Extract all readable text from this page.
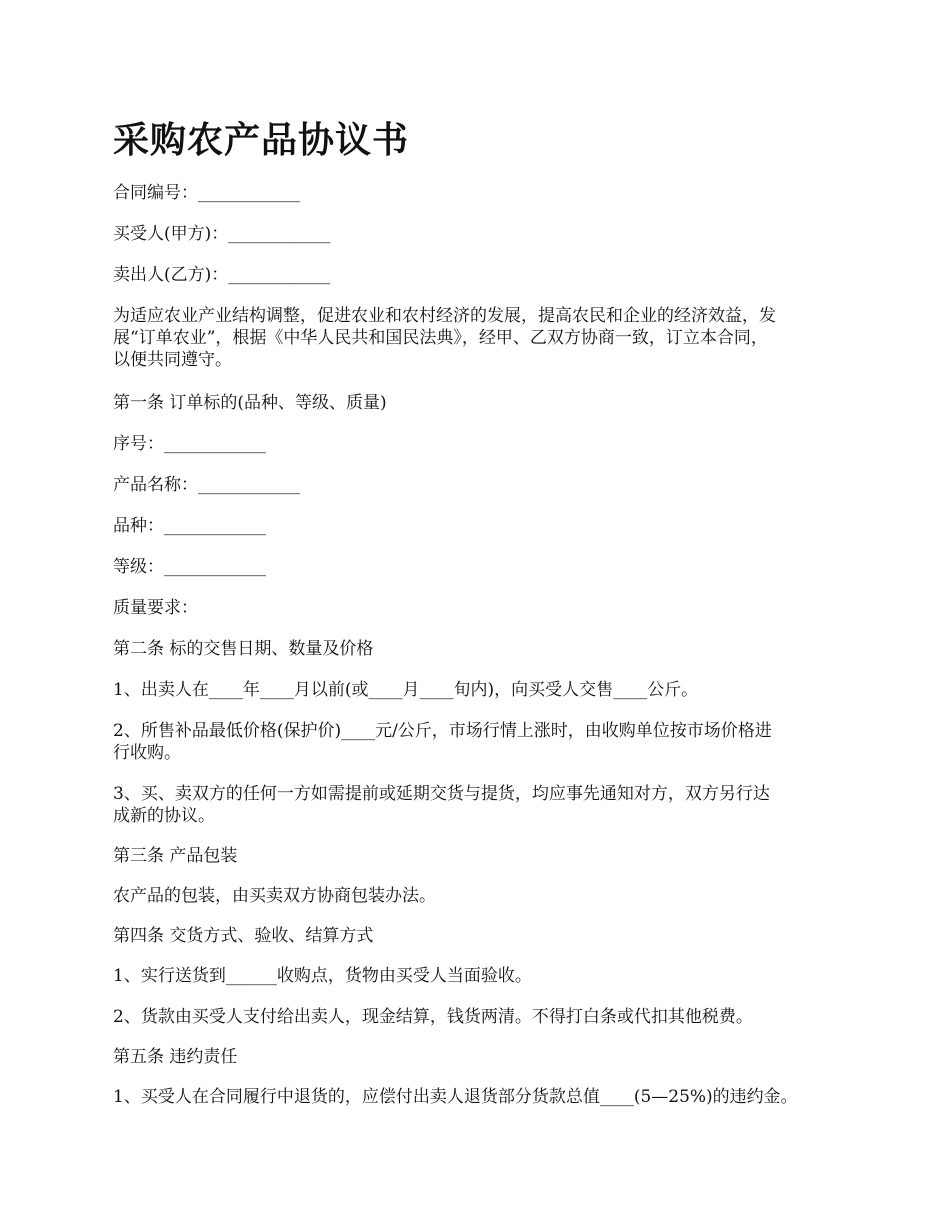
采购农产品协议书

合同编号：____________

买受人(甲方)：____________

卖出人(乙方)：____________

为适应农业产业结构调整，促进农业和农村经济的发展，提高农民和企业的经济效益，发
展“订单农业”，根据《中华人民共和国民法典》，经甲、乙双方协商一致，订立本合同，
以便共同遵守。

第一条 订单标的(品种、等级、质量)

序号：____________

产品名称：____________

品种：____________

等级：____________

质量要求：

第二条 标的交售日期、数量及价格

1、出卖人在____年____月以前(或____月____旬内)，向买受人交售____公斤。

2、所售补品最低价格(保护价)____元/公斤，市场行情上涨时，由收购单位按市场价格进
行收购。
3、买、卖双方的任何一方如需提前或延期交货与提货，均应事先通知对方，双方另行达
成新的协议。

第三条 产品包装

农产品的包装，由买卖双方协商包装办法。

第四条 交货方式、验收、结算方式

1、实行送货到______收购点，货物由买受人当面验收。

2、货款由买受人支付给出卖人，现金结算，钱货两清。不得打白条或代扣其他税费。

第五条 违约责任

1、买受人在合同履行中退货的，应偿付出卖人退货部分货款总值____(5—25%)的违约金。
